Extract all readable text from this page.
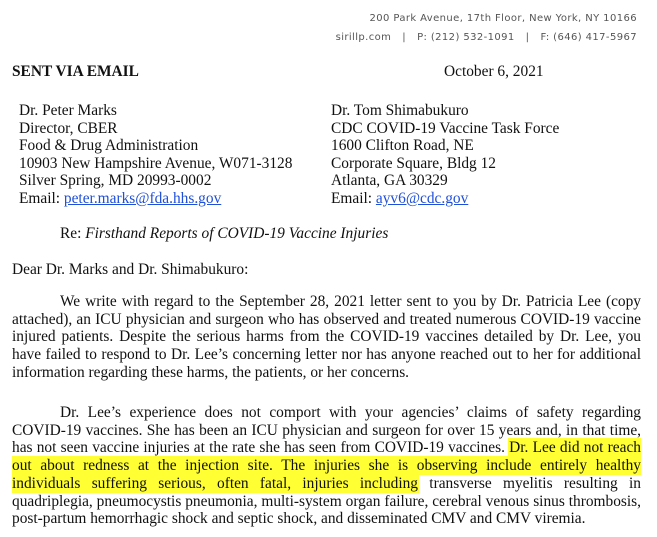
200 Park Avenue, 17th Floor, New York, NY 10166
sirillp.com | P: (212) 532-1091 | F: (646) 417-5967
SENT VIA EMAIL	October 6, 2021
Dr. Peter Marks
Director, CBER
Food & Drug Administration
10903 New Hampshire Avenue, W071-3128
Silver Spring, MD 20993-0002
Email: peter.marks@fda.hhs.gov
Dr. Tom Shimabukuro
CDC COVID-19 Vaccine Task Force
1600 Clifton Road, NE
Corporate Square, Bldg 12
Atlanta, GA 30329
Email: ayv6@cdc.gov
Re: Firsthand Reports of COVID-19 Vaccine Injuries
Dear Dr. Marks and Dr. Shimabukuro:
We write with regard to the September 28, 2021 letter sent to you by Dr. Patricia Lee (copy attached), an ICU physician and surgeon who has observed and treated numerous COVID-19 vaccine injured patients. Despite the serious harms from the COVID-19 vaccines detailed by Dr. Lee, you have failed to respond to Dr. Lee’s concerning letter nor has anyone reached out to her for additional information regarding these harms, the patients, or her concerns.
Dr. Lee’s experience does not comport with your agencies’ claims of safety regarding COVID-19 vaccines. She has been an ICU physician and surgeon for over 15 years and, in that time, has not seen vaccine injuries at the rate she has seen from COVID-19 vaccines. Dr. Lee did not reach out about redness at the injection site. The injuries she is observing include entirely healthy individuals suffering serious, often fatal, injuries including transverse myelitis resulting in quadriplegia, pneumocystis pneumonia, multi-system organ failure, cerebral venous sinus thrombosis, post-partum hemorrhagic shock and septic shock, and disseminated CMV and CMV viremia.
